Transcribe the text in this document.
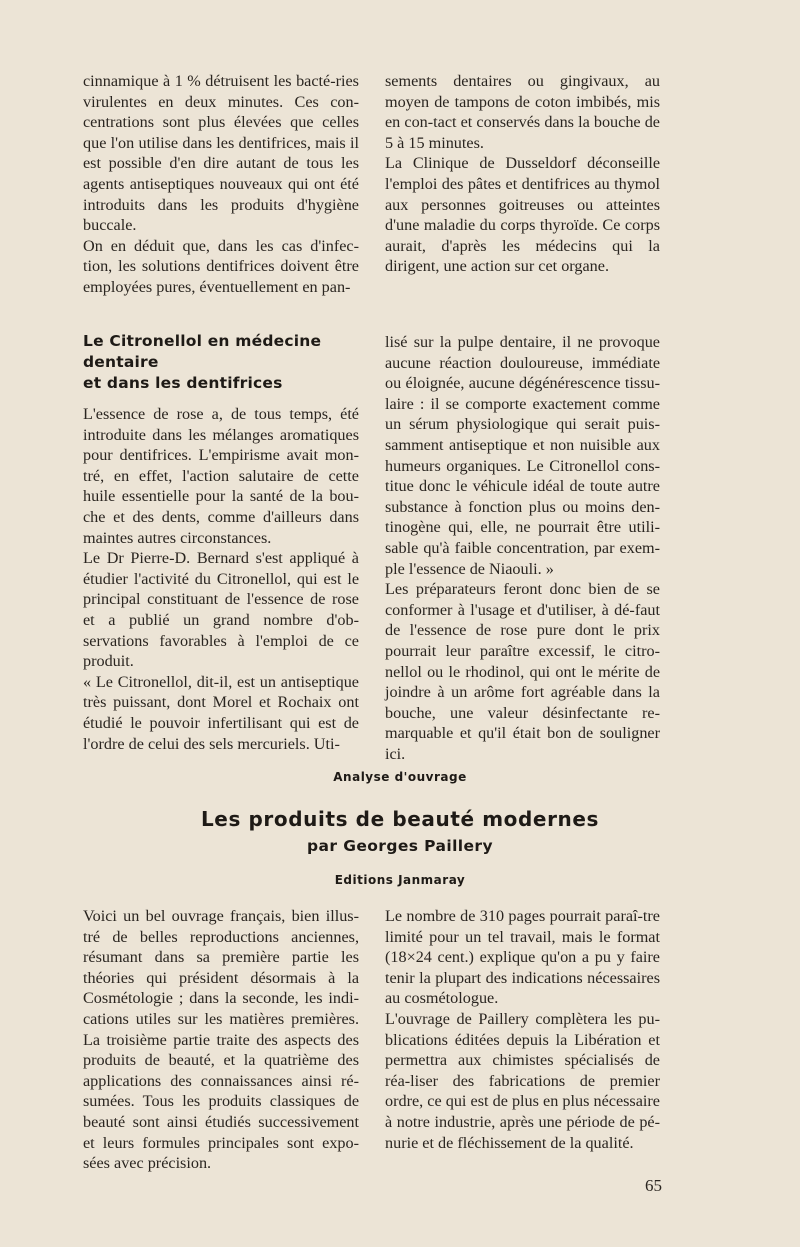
cinnamique à 1 % détruisent les bacté-ries virulentes en deux minutes. Ces con-centrations sont plus élevées que celles que l'on utilise dans les dentifrices, mais il est possible d'en dire autant de tous les agents antiseptiques nouveaux qui ont été introduits dans les produits d'hygiène buccale.

On en déduit que, dans les cas d'infec-tion, les solutions dentifrices doivent être employées pures, éventuellement en pan-

sements dentaires ou gingivaux, au moyen de tampons de coton imbibés, mis en con-tact et conservés dans la bouche de 5 à 15 minutes.

La Clinique de Dusseldorf déconseille l'emploi des pâtes et dentifrices au thymol aux personnes goitreuses ou atteintes d'une maladie du corps thyroïde. Ce corps aurait, d'après les médecins qui la dirigent, une action sur cet organe.

Le Citronellol en médecine
dentaire
et dans les dentifrices

L'essence de rose a, de tous temps, été introduite dans les mélanges aromatiques pour dentifrices. L'empirisme avait mon-tré, en effet, l'action salutaire de cette huile essentielle pour la santé de la bou-che et des dents, comme d'ailleurs dans maintes autres circonstances.

Le Dr Pierre-D. Bernard s'est appliqué à étudier l'activité du Citronellol, qui est le principal constituant de l'essence de rose et a publié un grand nombre d'ob-servations favorables à l'emploi de ce produit.

« Le Citronellol, dit-il, est un antiseptique très puissant, dont Morel et Rochaix ont étudié le pouvoir infertilisant qui est de l'ordre de celui des sels mercuriels. Uti-

lisé sur la pulpe dentaire, il ne provoque aucune réaction douloureuse, immédiate ou éloignée, aucune dégénérescence tissu-laire : il se comporte exactement comme un sérum physiologique qui serait puis-samment antiseptique et non nuisible aux humeurs organiques. Le Citronellol cons-titue donc le véhicule idéal de toute autre substance à fonction plus ou moins den-tinogène qui, elle, ne pourrait être utili-sable qu'à faible concentration, par exem-ple l'essence de Niaouli. »

Les préparateurs feront donc bien de se conformer à l'usage et d'utiliser, à dé-faut de l'essence de rose pure dont le prix pourrait leur paraître excessif, le citro-nellol ou le rhodinol, qui ont le mérite de joindre à un arôme fort agréable dans la bouche, une valeur désinfectante re-marquable et qu'il était bon de souligner ici.

Analyse d'ouvrage
Les produits de beauté modernes
par Georges Paillery
Editions Janmaray

Voici un bel ouvrage français, bien illus-tré de belles reproductions anciennes, résumant dans sa première partie les théories qui président désormais à la Cosmétologie ; dans la seconde, les indi-cations utiles sur les matières premières. La troisième partie traite des aspects des produits de beauté, et la quatrième des applications des connaissances ainsi ré-sumées. Tous les produits classiques de beauté sont ainsi étudiés successivement et leurs formules principales sont expo-sées avec précision.

Le nombre de 310 pages pourrait paraî-tre limité pour un tel travail, mais le format (18×24 cent.) explique qu'on a pu y faire tenir la plupart des indications nécessaires au cosmétologue.

L'ouvrage de Paillery complètera les pu-blications éditées depuis la Libération et permettra aux chimistes spécialisés de réa-liser des fabrications de premier ordre, ce qui est de plus en plus nécessaire à notre industrie, après une période de pé-nurie et de fléchissement de la qualité.

65
